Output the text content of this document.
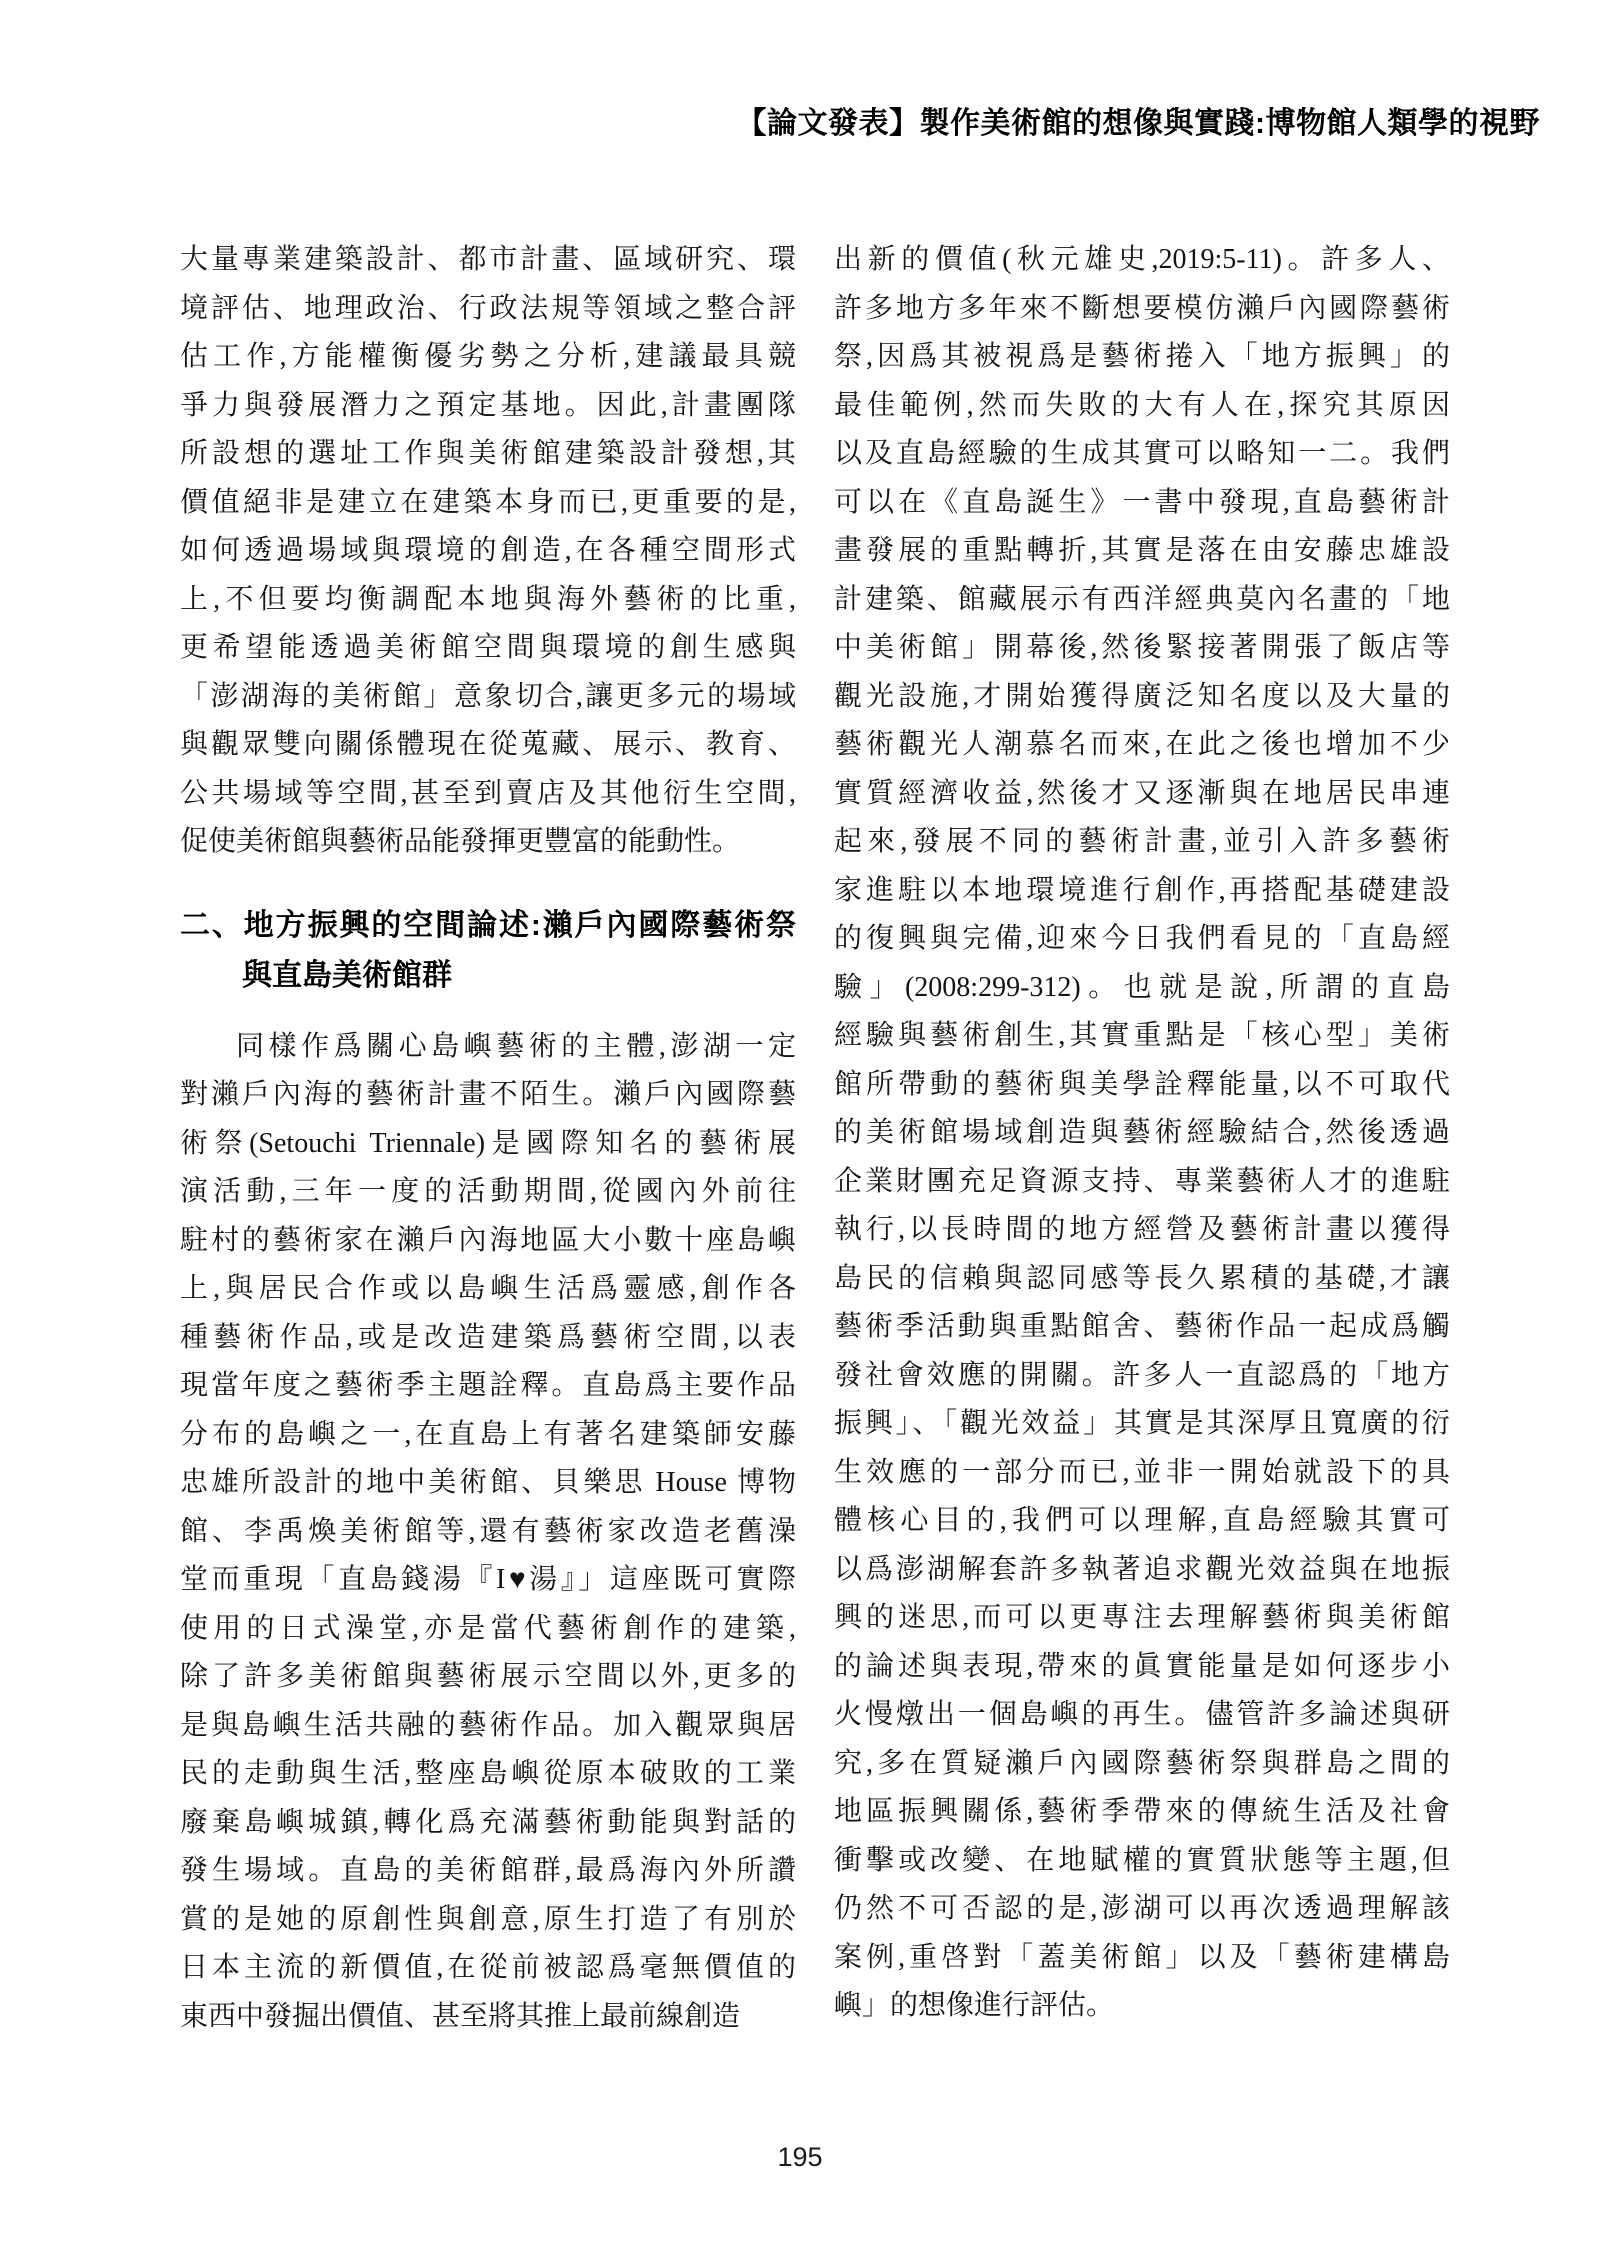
【論文發表】製作美術館的想像與實踐:博物館人類學的視野
大量專業建築設計、都市計畫、區域研究、環
境評估、地理政治、行政法規等領域之整合評
估工作,方能權衡優劣勢之分析,建議最具競
爭力與發展潛力之預定基地。因此,計畫團隊
所設想的選址工作與美術館建築設計發想,其
價值絕非是建立在建築本身而已,更重要的是,
如何透過場域與環境的創造,在各種空間形式
上,不但要均衡調配本地與海外藝術的比重,
更希望能透過美術館空間與環境的創生感與
「澎湖海的美術館」意象切合,讓更多元的場域
與觀眾雙向關係體現在從蒐藏、展示、教育、
公共場域等空間,甚至到賣店及其他衍生空間,
促使美術館與藝術品能發揮更豐富的能動性。
二、地方振興的空間論述:瀨戶內國際藝術祭
與直島美術館群
同樣作爲關心島嶼藝術的主體,澎湖一定
對瀨戶內海的藝術計畫不陌生。瀨戶內國際藝
術祭(Setouchi Triennale)是國際知名的藝術展
演活動,三年一度的活動期間,從國內外前往
駐村的藝術家在瀨戶內海地區大小數十座島嶼
上,與居民合作或以島嶼生活爲靈感,創作各
種藝術作品,或是改造建築爲藝術空間,以表
現當年度之藝術季主題詮釋。直島爲主要作品
分布的島嶼之一,在直島上有著名建築師安藤
忠雄所設計的地中美術館、貝樂思 House 博物
館、李禹煥美術館等,還有藝術家改造老舊澡
堂而重現「直島錢湯『I♥湯』」這座既可實際
使用的日式澡堂,亦是當代藝術創作的建築,
除了許多美術館與藝術展示空間以外,更多的
是與島嶼生活共融的藝術作品。加入觀眾與居
民的走動與生活,整座島嶼從原本破敗的工業
廢棄島嶼城鎮,轉化爲充滿藝術動能與對話的
發生場域。直島的美術館群,最爲海內外所讚
賞的是她的原創性與創意,原生打造了有別於
日本主流的新價值,在從前被認爲毫無價值的
東西中發掘出價值、甚至將其推上最前線創造
出新的價值(秋元雄史,2019:5-11)。許多人、
許多地方多年來不斷想要模仿瀨戶內國際藝術
祭,因爲其被視爲是藝術捲入「地方振興」的
最佳範例,然而失敗的大有人在,探究其原因
以及直島經驗的生成其實可以略知一二。我們
可以在《直島誕生》一書中發現,直島藝術計
畫發展的重點轉折,其實是落在由安藤忠雄設
計建築、館藏展示有西洋經典莫內名畫的「地
中美術館」開幕後,然後緊接著開張了飯店等
觀光設施,才開始獲得廣泛知名度以及大量的
藝術觀光人潮慕名而來,在此之後也增加不少
實質經濟收益,然後才又逐漸與在地居民串連
起來,發展不同的藝術計畫,並引入許多藝術
家進駐以本地環境進行創作,再搭配基礎建設
的復興與完備,迎來今日我們看見的「直島經
驗」(2008:299-312)。也就是說,所謂的直島
經驗與藝術創生,其實重點是「核心型」美術
館所帶動的藝術與美學詮釋能量,以不可取代
的美術館場域創造與藝術經驗結合,然後透過
企業財團充足資源支持、專業藝術人才的進駐
執行,以長時間的地方經營及藝術計畫以獲得
島民的信賴與認同感等長久累積的基礎,才讓
藝術季活動與重點館舍、藝術作品一起成爲觸
發社會效應的開關。許多人一直認爲的「地方
振興」、「觀光效益」其實是其深厚且寬廣的衍
生效應的一部分而已,並非一開始就設下的具
體核心目的,我們可以理解,直島經驗其實可
以爲澎湖解套許多執著追求觀光效益與在地振
興的迷思,而可以更專注去理解藝術與美術館
的論述與表現,帶來的眞實能量是如何逐步小
火慢燉出一個島嶼的再生。儘管許多論述與研
究,多在質疑瀨戶內國際藝術祭與群島之間的
地區振興關係,藝術季帶來的傳統生活及社會
衝擊或改變、在地賦權的實質狀態等主題,但
仍然不可否認的是,澎湖可以再次透過理解該
案例,重啓對「蓋美術館」以及「藝術建構島
嶼」的想像進行評估。
195
